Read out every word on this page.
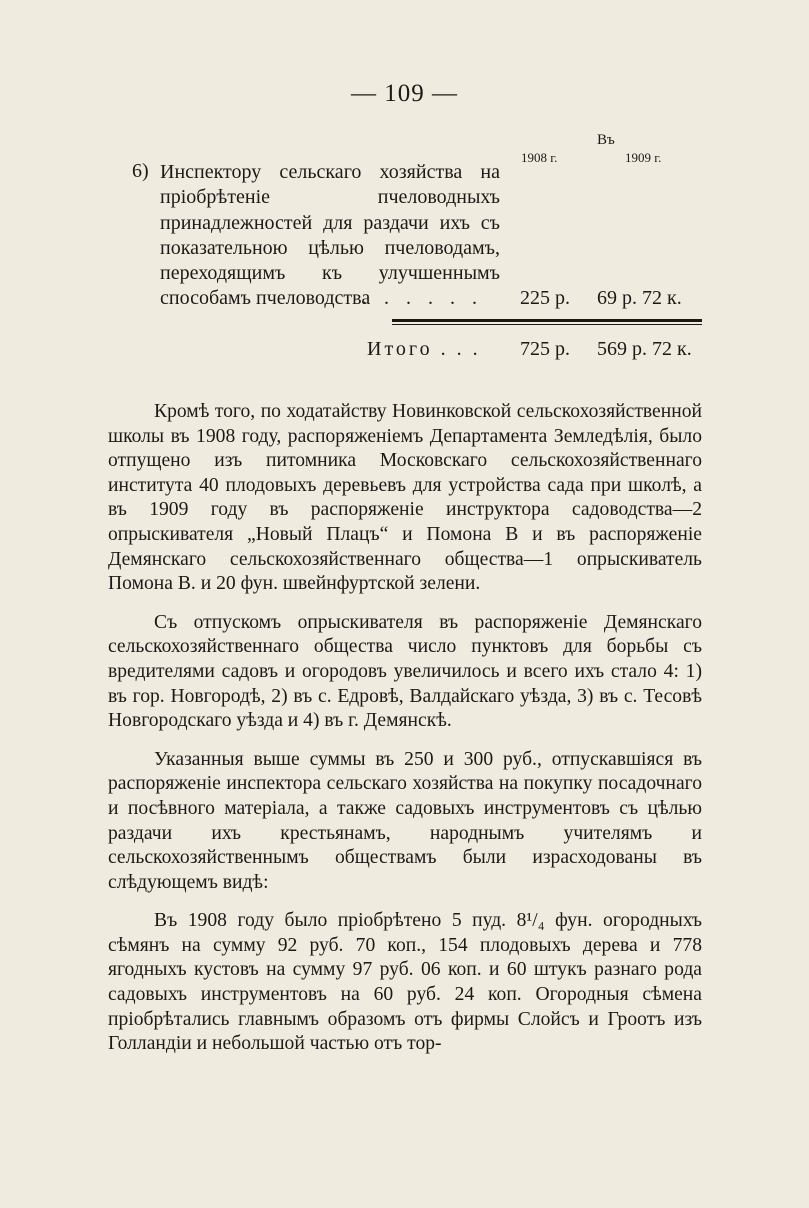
— 109 —
Въ
1908 г.	1909 г.
6) Инспектору сельскаго хозяйства на пріобрѣтеніе пчеловодныхъ принадлежностей для раздачи ихъ съ показательною цѣлью пчеловодамъ, переходящимъ къ улучшеннымъ способамъ пчеловодства
. . . . . . 225 р. 69 р. 72 к.
Итого . . . 725 р. 569 р. 72 к.

Кромѣ того, по ходатайству Новинковской сельскохозяйственной школы въ 1908 году, распоряженіемъ Департамента Земледѣлія, было отпущено изъ питомника Московскаго сельскохозяйственнаго института 40 плодовыхъ деревьевъ для устройства сада при школѣ, а въ 1909 году въ распоряженіе инструктора садоводства—2 опрыскивателя „Новый Плацъ“ и Помона В и въ распоряженіе Демянскаго сельскохозяйственнаго общества—1 опрыскиватель Помона В. и 20 фун. швейнфуртской зелени.

Съ отпускомъ опрыскивателя въ распоряженіе Демянскаго сельскохозяйственнаго общества число пунктовъ для борьбы съ вредителями садовъ и огородовъ увеличилось и всего ихъ стало 4: 1) въ гор. Новгородѣ, 2) въ с. Едровѣ, Валдайскаго уѣзда, 3) въ с. Тесовѣ Новгородскаго уѣзда и 4) въ г. Демянскѣ.

Указанныя выше суммы въ 250 и 300 руб., отпускавшіяся въ распоряженіе инспектора сельскаго хозяйства на покупку посадочнаго и посѣвного матеріала, а также садовыхъ инструментовъ съ цѣлью раздачи ихъ крестьянамъ, народнымъ учителямъ и сельскохозяйственнымъ обществамъ были израсходованы въ слѣдующемъ видѣ:

Въ 1908 году было пріобрѣтено 5 пуд. 8¹/₄ фун. огородныхъ сѣмянъ на сумму 92 руб. 70 коп., 154 плодовыхъ дерева и 778 ягодныхъ кустовъ на сумму 97 руб. 06 коп. и 60 штукъ разнаго рода садовыхъ инструментовъ на 60 руб. 24 коп. Огородныя сѣмена пріобрѣтались главнымъ образомъ отъ фирмы Слойсъ и Гроотъ изъ Голландіи и небольшой частью отъ тор-
